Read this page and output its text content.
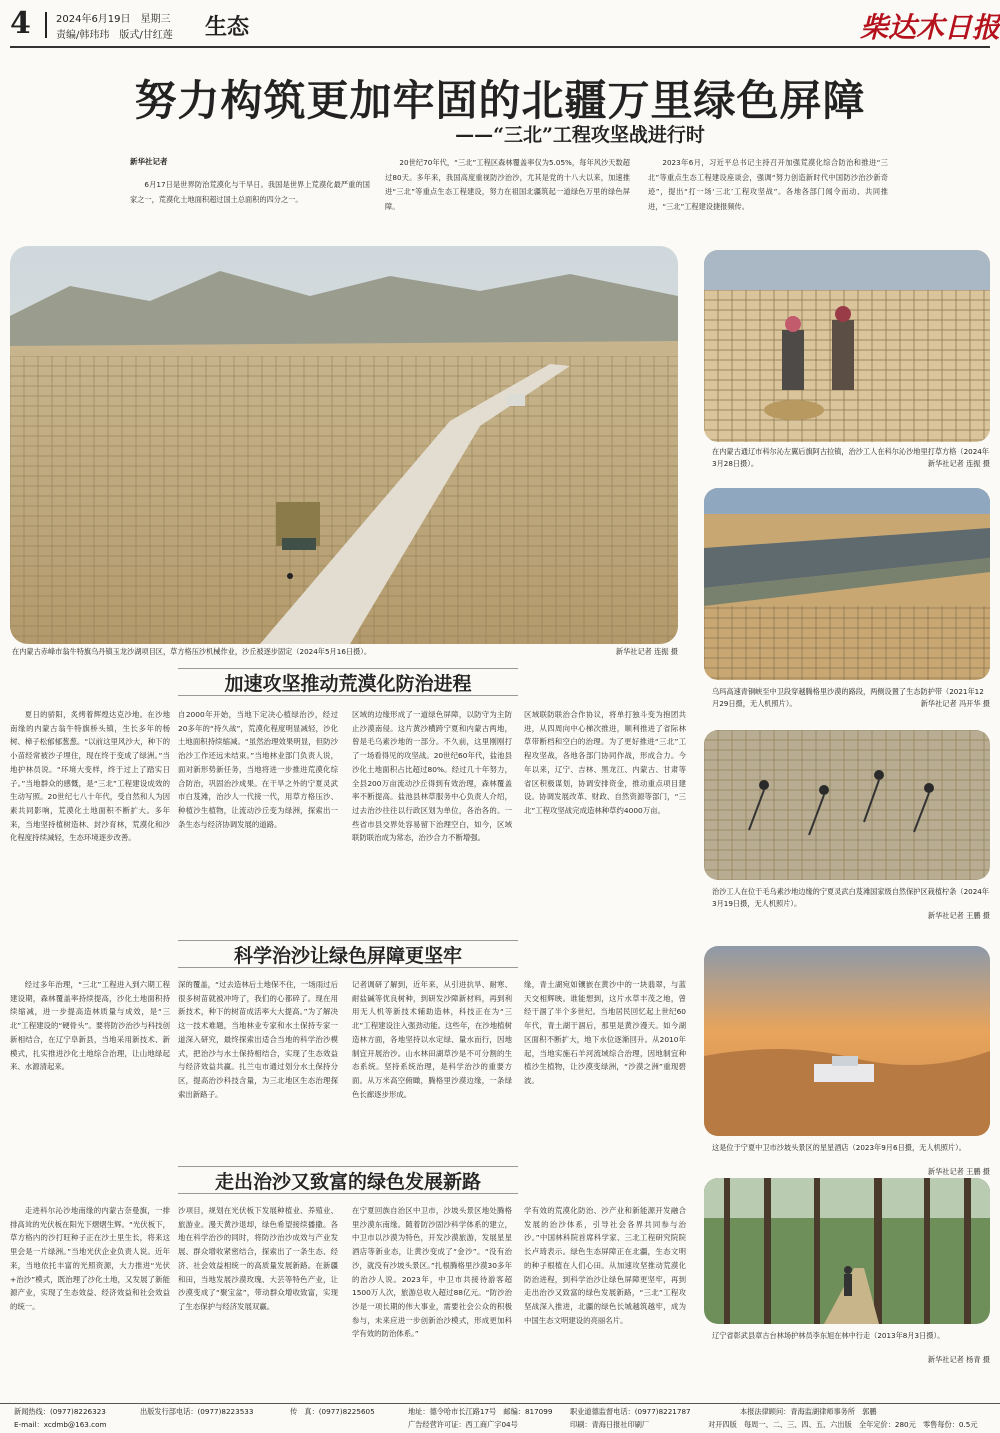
4	2024年6月19日　星期三
责编/韩玮玮　版式/甘红莲 生态	柴达木日报
努力构筑更加牢固的北疆万里绿色屏障
——“三北”工程攻坚战进行时
新华社记者
6月17日是世界防治荒漠化与干旱日。我国是世界上荒漠化最严重的国家之一，荒漠化土地面积超过国土总面积的四分之一。
20世纪70年代，“三北”工程区森林覆盖率仅为5.05%，每年风沙天数超过80天。多年来，我国高度重视防沙治沙，尤其是党的十八大以来，加速推进“三北”等重点生态工程建设，努力在祖国北疆筑起一道绿色万里的绿色屏障。
2023年6月，习近平总书记主持召开加强荒漠化综合防治和推进“三北”等重点生态工程建设座谈会，强调“努力创造新时代中国防沙治沙新奇迹”，提出“打一场‘三北’工程攻坚战”。各地各部门闻令而动、共同推进，“三北”工程建设捷报频传。
在内蒙古赤峰市翁牛特旗乌丹镇玉龙沙湖项目区，草方格压沙机械作业，沙丘被逐步固定（2024年5月16日摄）。	新华社记者 连振 摄
在内蒙古通辽市科尔沁左翼后旗阿古拉镇，治沙工人在科尔沁沙地里打草方格（2024年3月28日摄）。	新华社记者 连振 摄
乌玛高速青铜峡至中卫段穿越腾格里沙漠的路段，两侧设置了生态防护带（2021年12月29日摄，无人机照片）。	新华社记者 冯开华 摄
治沙工人在位于毛乌素沙地边缘的宁夏灵武白芨滩国家级自然保护区栽植柠条（2024年3月19日摄，无人机照片）。
新华社记者 王鹏 摄
这是位于宁夏中卫市沙坡头景区的星星酒店（2023年9月6日摄，无人机照片）。
新华社记者 王鹏 摄
辽宁省彰武县章古台林场护林员李东旭在林中行走（2013年8月3日摄）。
新华社记者 杨青 摄
加速攻坚推动荒漠化防治进程
夏日的骄阳，炙烤着辉煌达克沙地。在沙地南缘的内蒙古翁牛特旗桥头镇，生长多年的杨树、樟子松郁郁葱葱。“以前这里风沙大，种下的小苗经常被沙子埋住，现在终于变成了绿洲。”当地护林员说。“环境大变样，终于过上了踏实日子。”当地群众的感慨，是“三北”工程建设成效的生动写照。20世纪七八十年代，受自然和人为因素共同影响，荒漠化土地面积不断扩大。多年来，当地坚持植树造林、封沙育林，荒漠化和沙化程度持续减轻，生态环境逐步改善。
自2000年开始，当地下定决心植绿治沙，经过20多年的“持久战”，荒漠化程度明显减轻，沙化土地面积持续缩减。“虽然治理效果明显，但防沙治沙工作还远未结束。”当地林业部门负责人说，面对新形势新任务，当地将进一步推进荒漠化综合防治，巩固治沙成果。在干旱之外的宁夏灵武市白芨滩，治沙人一代接一代，用草方格压沙、种植沙生植物，让流动沙丘变为绿洲，探索出一条生态与经济协调发展的道路。
区域的边缘形成了一道绿色屏障，以防守为主防止沙漠南侵。这片黄沙横跨宁夏和内蒙古两地，曾是毛乌素沙地的一部分。不久前，这里刚刚打了一场看得见的攻坚战。20世纪60年代，盐池县沙化土地面积占比超过80%。经过几十年努力，全县200万亩流动沙丘得到有效治理，森林覆盖率不断提高。盐池县林草服务中心负责人介绍，过去治沙往往以行政区划为单位，各治各的。一些省市县交界处容易留下治理空白，如今，区域联防联治成为常态，治沙合力不断增强。
区域联防联治合作协议，将单打独斗变为抱团共进，从四周向中心梯次推进，顺利推进了省际林草带断档和空白的治理。为了更好推进“三北”工程攻坚战，各地各部门协同作战，形成合力。今年以来，辽宁、吉林、黑龙江、内蒙古、甘肃等省区积极谋划，协调安排资金，推动重点项目建设。协调发展改革、财政、自然资源等部门，“三北”工程攻坚战完成造林种草约4000万亩。
科学治沙让绿色屏障更坚牢
经过多年治理，“三北”工程进入到六期工程建设期，森林覆盖率持续提高，沙化土地面积持续缩减，进一步提高造林质量与成效，是“三北”工程建设的“硬骨头”。要将防沙治沙与科技创新相结合，在辽宁阜新县，当地采用新技术、新模式，扎实推进沙化土地综合治理，让山地绿起来、水源清起来。
深的覆盖，“过去造林后土地保不住，一场雨过后很多树苗就被冲垮了，我们的心都碎了。现在用新技术，种下的树苗成活率大大提高。”为了解决这一技术难题，当地林业专家和水土保持专家一道深入研究，最终探索出适合当地的科学治沙模式，把治沙与水土保持相结合，实现了生态效益与经济效益共赢。扎兰屯市通过划分水土保持分区，提高治沙科技含量，为三北地区生态治理探索出新路子。
记者调研了解到，近年来，从引进抗旱、耐寒、耐盐碱等优良树种，到研发沙障新材料，再到利用无人机等新技术辅助造林，科技正在为“三北”工程建设注入强劲动能。这些年，在沙地植树造林方面，各地坚持以水定绿、量水而行，因地制宜开展治沙。山水林田湖草沙是不可分割的生态系统。坚持系统治理，是科学治沙的重要方面。从万米高空俯瞰，腾格里沙漠边缘，一条绿色长廊逐步形成。
缘，青土湖宛如镶嵌在黄沙中的一块翡翠，与蓝天交相辉映。谁能想到，这片水草丰茂之地，曾经干涸了半个多世纪。当地居民回忆起上世纪60年代，青土湖干涸后，那里是黄沙漫天。如今湖区面积不断扩大，地下水位逐渐回升。从2010年起，当地实施石羊河流域综合治理，因地制宜种植沙生植物，让沙漠变绿洲，“沙漠之洲”重现碧波。
走出治沙又致富的绿色发展新路
走进科尔沁沙地南缘的内蒙古奈曼旗，一排排高耸的光伏板在阳光下熠熠生辉。“光伏板下，草方格内的沙打旺种子正在沙土里生长，将来这里会是一片绿洲。”当地光伏企业负责人说。近年来，当地依托丰富的光照资源，大力推进“光伏+治沙”模式，既治理了沙化土地，又发展了新能源产业，实现了生态效益、经济效益和社会效益的统一。
沙项目，规划在光伏板下发展种植业、养殖业、旅游业。漫天黄沙退却，绿色希望接续播撒。各地在科学治沙的同时，将防沙治沙成效与产业发展、群众增收紧密结合，探索出了一条生态、经济、社会效益相统一的高质量发展新路。在新疆和田，当地发展沙漠玫瑰、大芸等特色产业，让沙漠变成了“聚宝盆”，带动群众增收致富，实现了生态保护与经济发展双赢。
在宁夏回族自治区中卫市，沙坡头景区地处腾格里沙漠东南缘。随着防沙固沙科学体系的建立，中卫市以沙漠为特色，开发沙漠旅游，发展星星酒店等新业态，让黄沙变成了“金沙”。“没有治沙，就没有沙坡头景区。”扎根腾格里沙漠30多年的治沙人说。2023年，中卫市共接待游客超1500万人次，旅游总收入超过88亿元。“防沙治沙是一项长期的伟大事业，需要社会公众的积极参与，未来应进一步创新治沙模式，形成更加科学有效的防治体系。”
学有效的荒漠化防治、沙产业和新能源开发融合发展的治沙体系，引导社会各界共同参与治沙。”中国林科院首席科学家、三北工程研究院院长卢琦表示。绿色生态屏障正在北疆，生态文明的种子根植在人们心田。从加速攻坚推动荒漠化防治进程，到科学治沙让绿色屏障更坚牢，再到走出治沙又致富的绿色发展新路，“三北”工程攻坚战深入推进，北疆的绿色长城越筑越牢，成为中国生态文明建设的亮丽名片。
新闻热线：(0977)8226323	出版发行部电话：(0977)8223533	传　真：(0977)8225605	地址：德令哈市长江路17号　邮编：817099 职业道德监督电话：(0977)8221787	本报法律顾问：青海监湖律师事务所　郭鹏
E-mail：xcdmb@163.com	广告经营许可证：西工商广字04号	印刷：青海日报社印刷厂	对开四版　每周一、二、三、四、五、六出版　全年定价：280元　零售每份：0.5元
